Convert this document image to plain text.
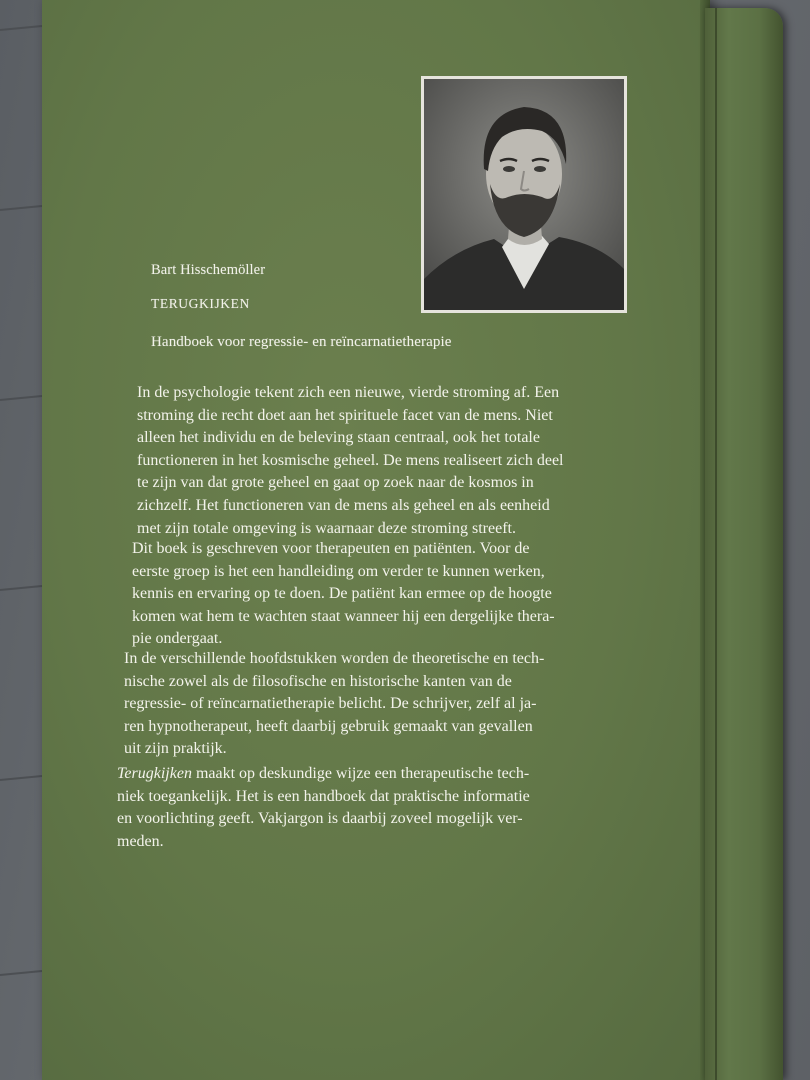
Bart Hisschemöller
TERUGKIJKEN
Handboek voor regressie- en reïncarnatietherapie

In de psychologie tekent zich een nieuwe, vierde stroming af. Een
stroming die recht doet aan het spirituele facet van de mens. Niet
alleen het individu en de beleving staan centraal, ook het totale
functioneren in het kosmische geheel. De mens realiseert zich deel
te zijn van dat grote geheel en gaat op zoek naar de kosmos in
zichzelf. Het functioneren van de mens als geheel en als eenheid
met zijn totale omgeving is waarnaar deze stroming streeft.

Dit boek is geschreven voor therapeuten en patiënten. Voor de
eerste groep is het een handleiding om verder te kunnen werken,
kennis en ervaring op te doen. De patiënt kan ermee op de hoogte
komen wat hem te wachten staat wanneer hij een dergelijke thera-
pie ondergaat.

In de verschillende hoofdstukken worden de theoretische en tech-
nische zowel als de filosofische en historische kanten van de
regressie- of reïncarnatietherapie belicht. De schrijver, zelf al ja-
ren hypnotherapeut, heeft daarbij gebruik gemaakt van gevallen
uit zijn praktijk.

Terugkijken maakt op deskundige wijze een therapeutische tech-
niek toegankelijk. Het is een handboek dat praktische informatie
en voorlichting geeft. Vakjargon is daarbij zoveel mogelijk ver-
meden.
